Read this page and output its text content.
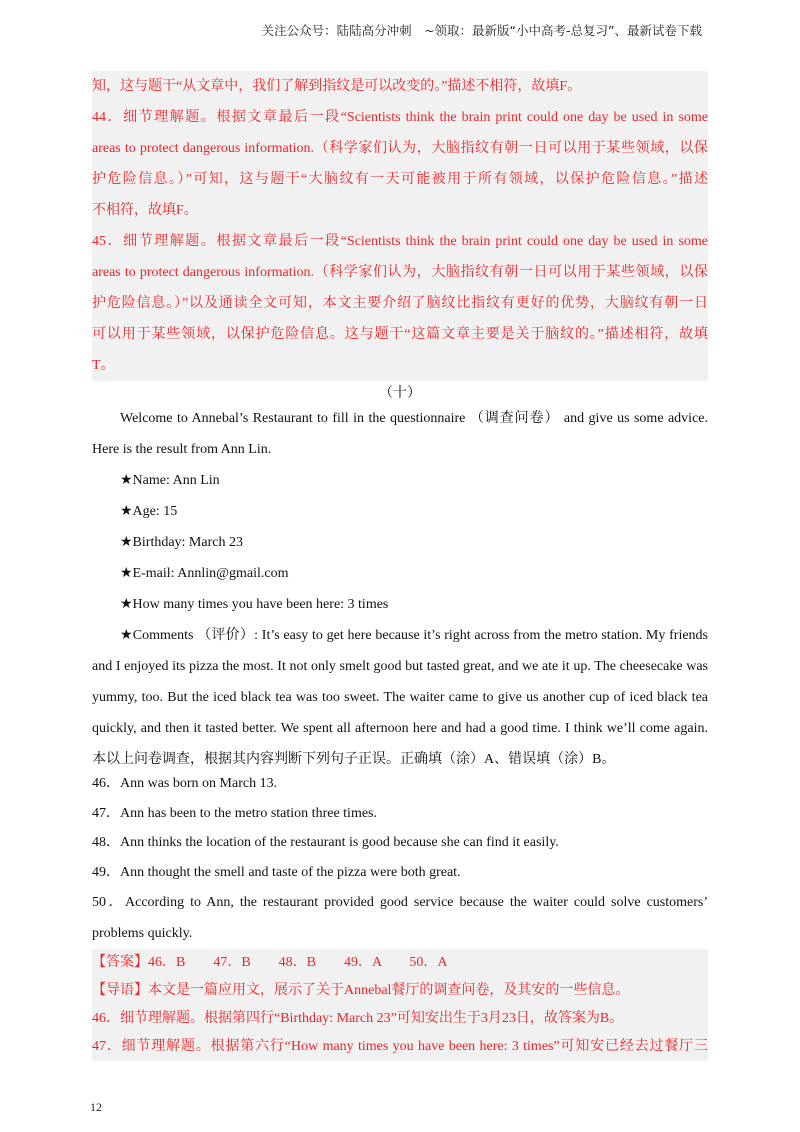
关注公众号：陆陆高分冲刺　~领取：最新版“小中高考-总复习”、最新试卷下载
知，这与题干“从文章中，我们了解到指纹是可以改变的。”描述不相符，故填F。
44．细节理解题。根据文章最后一段“Scientists think the brain print could one day be used in some
areas to protect dangerous information.（科学家们认为，大脑指纹有朝一日可以用于某些领域，以保
护危险信息。）”可知，这与题干“大脑纹有一天可能被用于所有领域，以保护危险信息。”描述
不相符，故填F。
45．细节理解题。根据文章最后一段“Scientists think the brain print could one day be used in some
areas to protect dangerous information.（科学家们认为，大脑指纹有朝一日可以用于某些领域，以保
护危险信息。）”以及通读全文可知，本文主要介绍了脑纹比指纹有更好的优势，大脑纹有朝一日
可以用于某些领域，以保护危险信息。这与题干“这篇文章主要是关于脑纹的。”描述相符，故填
T。
（十）
Welcome to Annebal’s Restaurant to fill in the questionnaire （调查问卷） and give us some advice.
Here is the result from Ann Lin.
★Name: Ann Lin
★Age: 15
★Birthday: March 23
★E-mail: Annlin@gmail.com
★How many times you have been here: 3 times
★Comments （评价）: It’s easy to get here because it’s right across from the metro station. My friends
and I enjoyed its pizza the most. It not only smelt good but tasted great, and we ate it up. The cheesecake was
yummy, too. But the iced black tea was too sweet. The waiter came to give us another cup of iced black tea
quickly, and then it tasted better. We spent all afternoon here and had a good time. I think we’ll come again.
本以上问卷调查，根据其内容判断下列句子正误。正确填（涂）A、错误填（涂）B。
46．Ann was born on March 13.
47．Ann has been to the metro station three times.
48．Ann thinks the location of the restaurant is good because she can find it easily.
49．Ann thought the smell and taste of the pizza were both great.
50．According to Ann, the restaurant provided good service because the waiter could solve customers’
problems quickly.
【答案】46．B　　47．B　　48．B　　49．A　　50．A
【导语】本文是一篇应用文，展示了关于Annebal餐厅的调查问卷，及其安的一些信息。
46．细节理解题。根据第四行“Birthday: March 23”可知安出生于3月23日，故答案为B。
47．细节理解题。根据第六行“How many times you have been here: 3 times”可知安已经去过餐厅三
12
